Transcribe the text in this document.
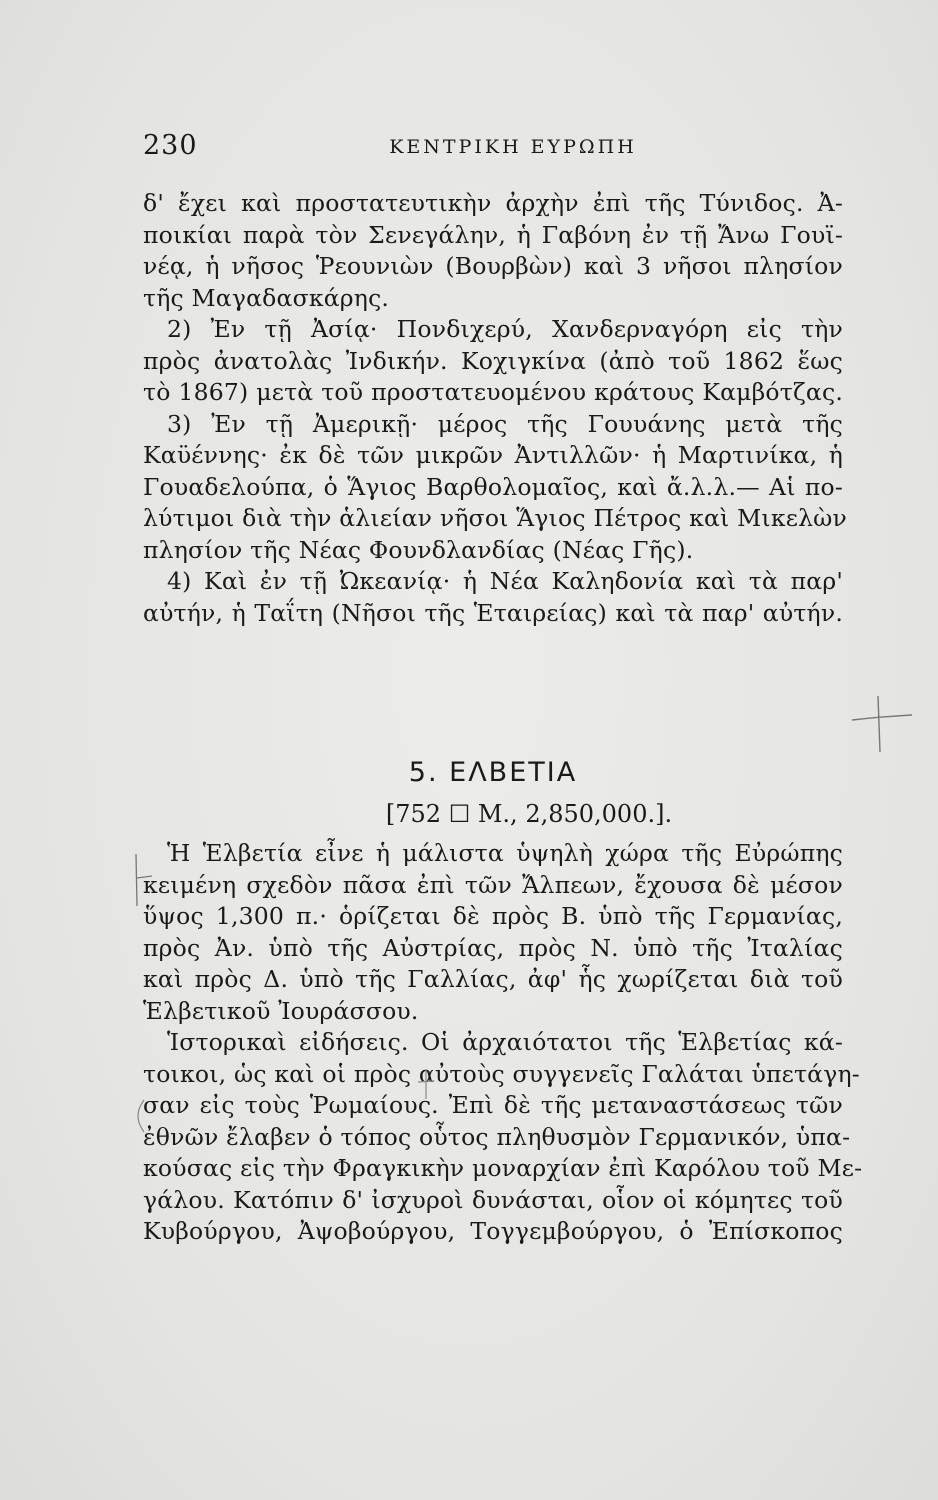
230	ΚΕΝΤΡΙΚΗ ΕΥΡΩΠΗ
δ' ἔχει καὶ προστατευτικὴν ἀρχὴν ἐπὶ τῆς Τύνιδος. Ἀ-
ποικίαι παρὰ τὸν Σενεγάλην, ἡ Γαβόνη ἐν τῇ Ἄνω Γουϊ-
νέᾳ, ἡ νῆσος Ῥεουνιὼν (Βουρβὼν) καὶ 3 νῆσοι πλησίον
τῆς Μαγαδασκάρης.
2) Ἐν τῇ Ἀσίᾳ· Πονδιχερύ, Χανδερναγόρη εἰς τὴν
πρὸς ἀνατολὰς Ἰνδικήν. Κοχιγκίνα (ἀπὸ τοῦ 1862 ἕως
τὸ 1867) μετὰ τοῦ προστατευομένου κράτους Καμβότζας.
3) Ἐν τῇ Ἀμερικῇ· μέρος τῆς Γουυάνης μετὰ τῆς
Καϋέννης· ἐκ δὲ τῶν μικρῶν Ἀντιλλῶν· ἡ Μαρτινίκα, ἡ
Γουαδελούπα, ὁ Ἅγιος Βαρθολομαῖος, καὶ ἄ.λ.λ.— Αἱ πο-
λύτιμοι διὰ τὴν ἁλιείαν νῆσοι Ἅγιος Πέτρος καὶ Μικελὼν
πλησίον τῆς Νέας Φουνδλανδίας (Νέας Γῆς).
4) Καὶ ἐν τῇ Ὠκεανίᾳ· ἡ Νέα Καληδονία καὶ τὰ παρ'
αὐτήν, ἡ Ταΐτη (Νῆσοι τῆς Ἑταιρείας) καὶ τὰ παρ' αὐτήν.
5. ΕΛΒΕΤΙΑ
[752 ☐ Μ., 2,850,000.].
Ἡ Ἑλβετία εἶνε ἡ μάλιστα ὑψηλὴ χώρα τῆς Εὐρώπης
κειμένη σχεδὸν πᾶσα ἐπὶ τῶν Ἄλπεων, ἔχουσα δὲ μέσον
ὕψος 1,300 π.· ὁρίζεται δὲ πρὸς Β. ὑπὸ τῆς Γερμανίας,
πρὸς Ἀν. ὑπὸ τῆς Αὐστρίας, πρὸς Ν. ὑπὸ τῆς Ἰταλίας
καὶ πρὸς Δ. ὑπὸ τῆς Γαλλίας, ἀφ' ἧς χωρίζεται διὰ τοῦ
Ἑλβετικοῦ Ἰουράσσου.
Ἱστορικαὶ εἰδήσεις. Οἱ ἀρχαιότατοι τῆς Ἑλβετίας κά-
τοικοι, ὡς καὶ οἱ πρὸς αὐτοὺς συγγενεῖς Γαλάται ὑπετάγη-
σαν εἰς τοὺς Ῥωμαίους. Ἐπὶ δὲ τῆς μεταναστάσεως τῶν
ἐθνῶν ἔλαβεν ὁ τόπος οὗτος πληθυσμὸν Γερμανικόν, ὑπα-
κούσας εἰς τὴν Φραγκικὴν μοναρχίαν ἐπὶ Καρόλου τοῦ Με-
γάλου. Κατόπιν δ' ἰσχυροὶ δυνάσται, οἷον οἱ κόμητες τοῦ
Κυβούργου, Ἀψοβούργου, Τογγεμβούργου, ὁ Ἐπίσκοπος
